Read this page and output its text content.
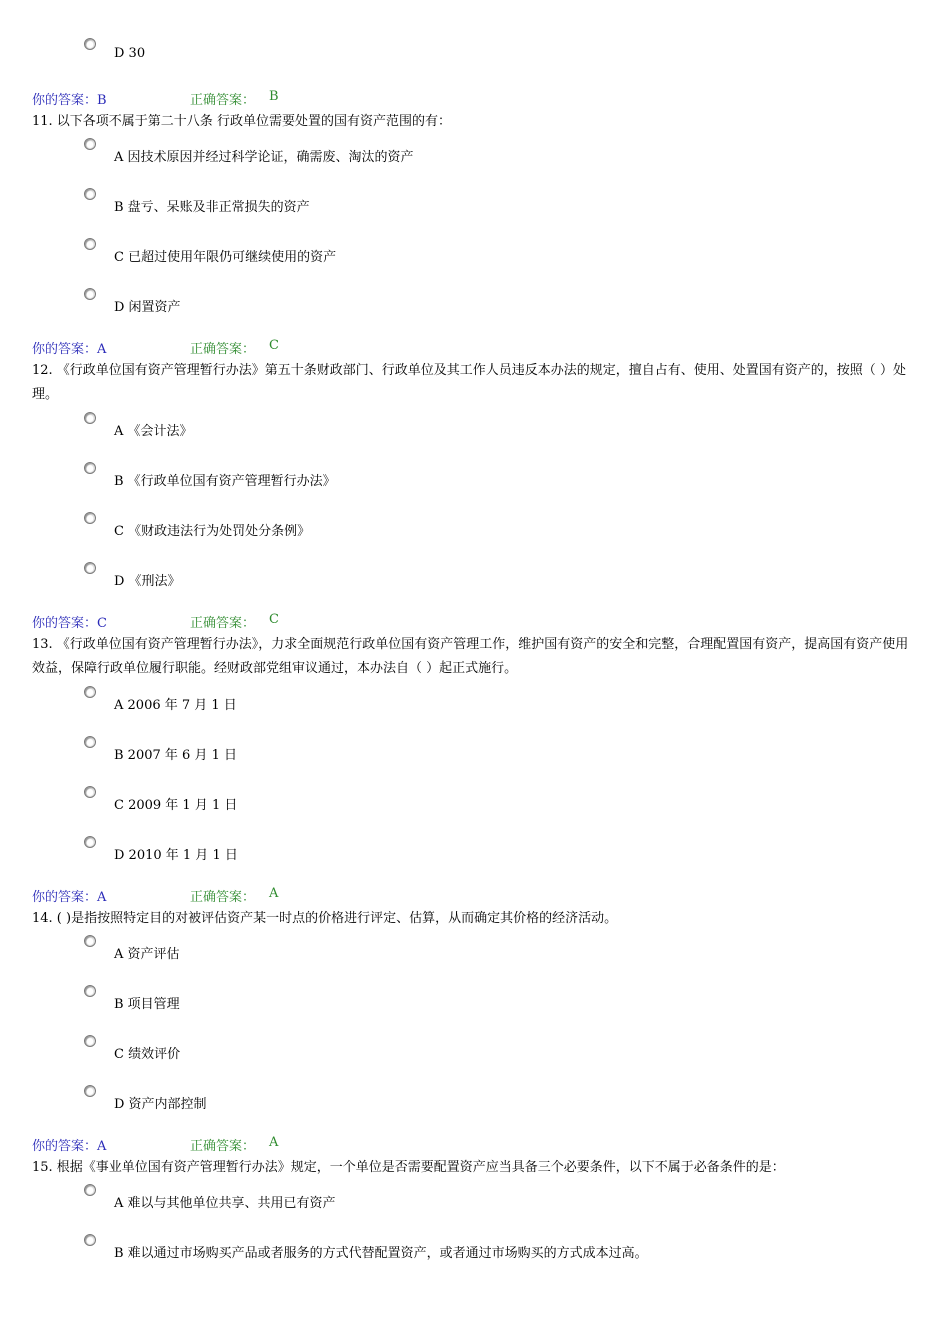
D 30
你的答案：B	正确答案： B
11. 以下各项不属于第二十八条 行政单位需要处置的国有资产范围的有：
A 因技术原因并经过科学论证，确需废、淘汰的资产
B 盘亏、呆账及非正常损失的资产
C 已超过使用年限仍可继续使用的资产
D 闲置资产
你的答案：A	正确答案： C
12. 《行政单位国有资产管理暂行办法》第五十条财政部门、行政单位及其工作人员违反本办法的规定，擅自占有、使用、处置国有资产的，按照（ ）处理。
A 《会计法》
B 《行政单位国有资产管理暂行办法》
C 《财政违法行为处罚处分条例》
D 《刑法》
你的答案：C	正确答案： C
13. 《行政单位国有资产管理暂行办法》，力求全面规范行政单位国有资产管理工作，维护国有资产的安全和完整，合理配置国有资产，提高国有资产使用效益，保障行政单位履行职能。经财政部党组审议通过，本办法自（ ）起正式施行。
A 2006 年 7 月 1 日
B 2007 年 6 月 1 日
C 2009 年 1 月 1 日
D 2010 年 1 月 1 日
你的答案：A	正确答案： A
14. ( )是指按照特定目的对被评估资产某一时点的价格进行评定、估算，从而确定其价格的经济活动。
A 资产评估
B 项目管理
C 绩效评价
D 资产内部控制
你的答案：A	正确答案： A
15. 根据《事业单位国有资产管理暂行办法》规定，一个单位是否需要配置资产应当具备三个必要条件，以下不属于必备条件的是：
A 难以与其他单位共享、共用已有资产
B 难以通过市场购买产品或者服务的方式代替配置资产，或者通过市场购买的方式成本过高。
